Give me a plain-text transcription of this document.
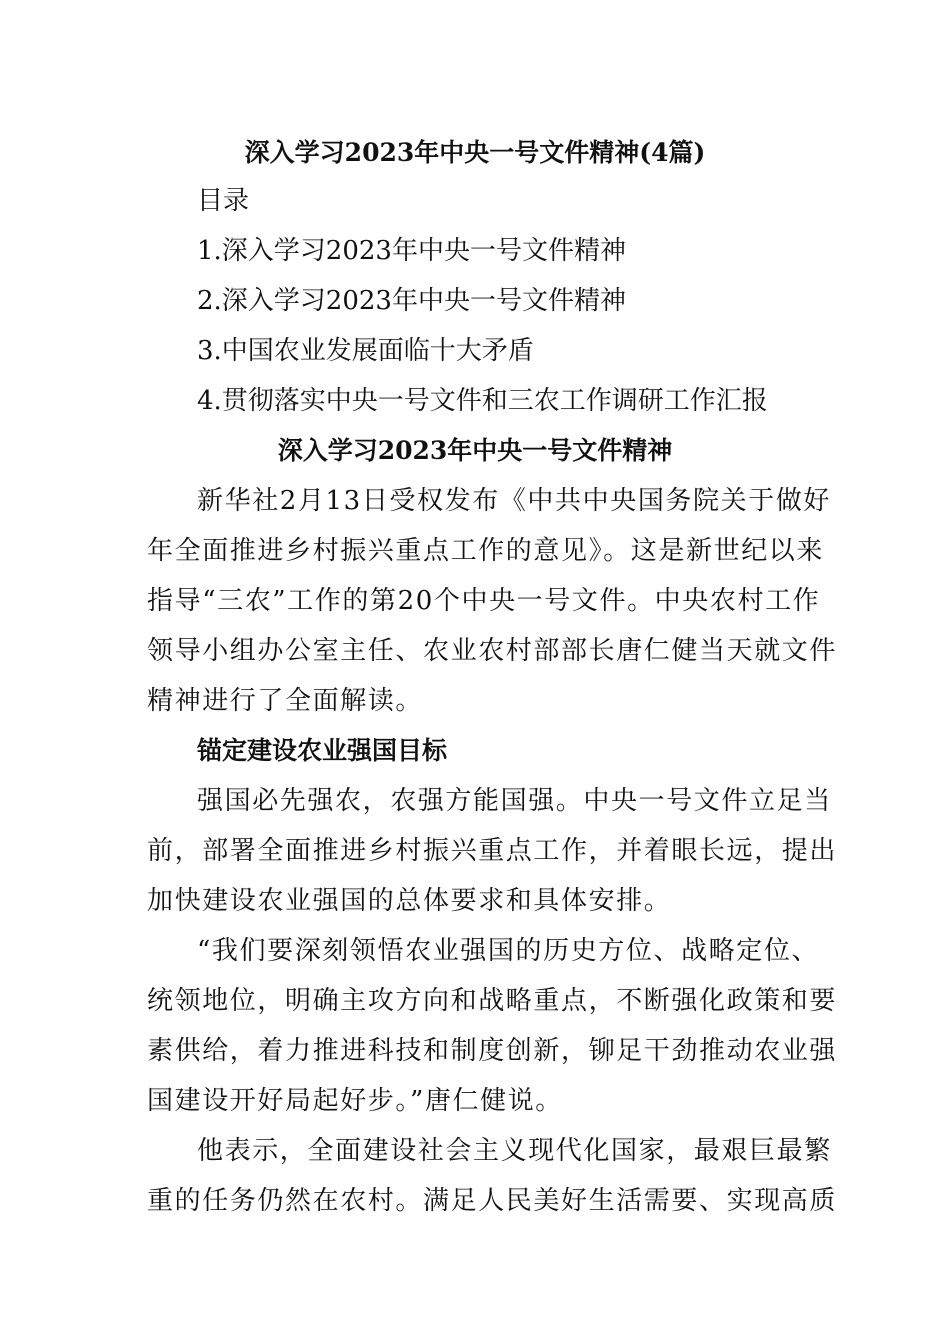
深入学习2023年中央一号文件精神(4篇)
目录
1.深入学习2023年中央一号文件精神
2.深入学习2023年中央一号文件精神
3.中国农业发展面临十大矛盾
4.贯彻落实中央一号文件和三农工作调研工作汇报
深入学习2023年中央一号文件精神
新华社2月13日受权发布《中共中央国务院关于做好
年全面推进乡村振兴重点工作的意见》。这是新世纪以来
指导“三农”工作的第20个中央一号文件。中央农村工作
领导小组办公室主任、农业农村部部长唐仁健当天就文件
精神进行了全面解读。
锚定建设农业强国目标
强国必先强农，农强方能国强。中央一号文件立足当
前，部署全面推进乡村振兴重点工作，并着眼长远，提出
加快建设农业强国的总体要求和具体安排。
“我们要深刻领悟农业强国的历史方位、战略定位、
统领地位，明确主攻方向和战略重点，不断强化政策和要
素供给，着力推进科技和制度创新，铆足干劲推动农业强
国建设开好局起好步。”唐仁健说。
他表示，全面建设社会主义现代化国家，最艰巨最繁
重的任务仍然在农村。满足人民美好生活需要、实现高质
